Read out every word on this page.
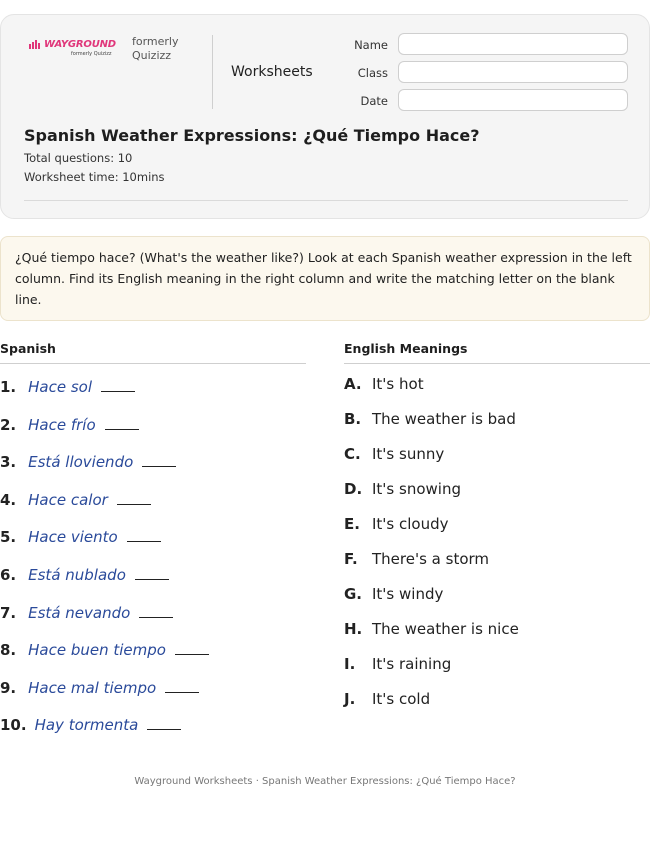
WAYGROUND
formerly Quizizz
formerly Quizizz
Worksheets
Name
Class
Date
Spanish Weather Expressions: ¿Qué Tiempo Hace?
Total questions: 10
Worksheet time: 10mins
¿Qué tiempo hace? (What's the weather like?) Look at each Spanish weather expression in the left column. Find its English meaning in the right column and write the matching letter on the blank line.
Spanish	English Meanings
1. Hace sol
2. Hace frío
3. Está lloviendo
4. Hace calor
5. Hace viento
6. Está nublado
7. Está nevando
8. Hace buen tiempo
9. Hace mal tiempo
10. Hay tormenta
A. It's hot
B. The weather is bad
C. It's sunny
D. It's snowing
E. It's cloudy
F. There's a storm
G. It's windy
H. The weather is nice
I.	It's raining
J.	It's cold
Wayground Worksheets · Spanish Weather Expressions: ¿Qué Tiempo Hace?
